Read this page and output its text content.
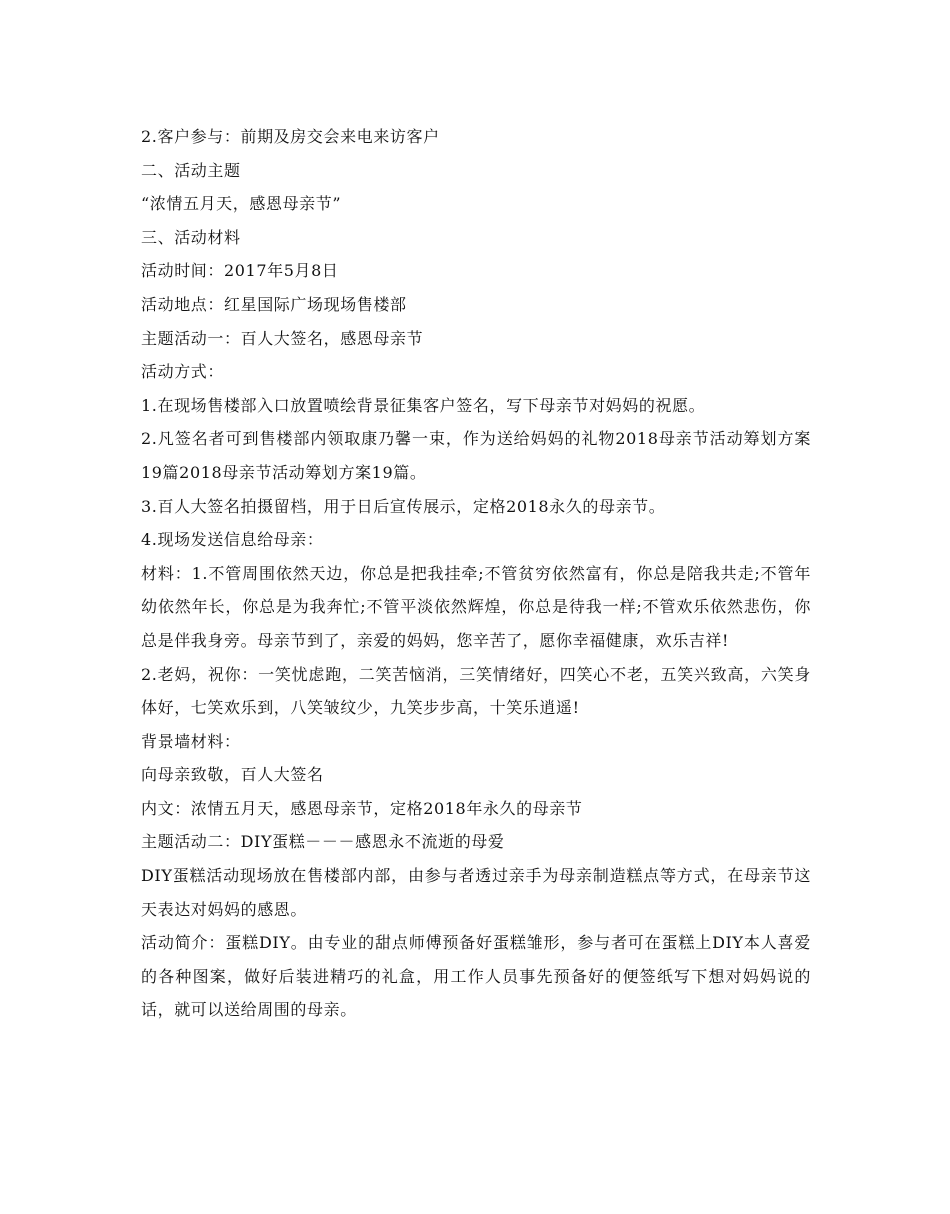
2.客户参与：前期及房交会来电来访客户

二、活动主题

“浓情五月天，感恩母亲节”

三、活动材料

活动时间：2017年5月8日

活动地点：红星国际广场现场售楼部

主题活动一：百人大签名，感恩母亲节

活动方式：

1.在现场售楼部入口放置喷绘背景征集客户签名，写下母亲节对妈妈的祝愿。

2.凡签名者可到售楼部内领取康乃馨一束，作为送给妈妈的礼物2018母亲节活动筹划方案19篇2018母亲节活动筹划方案19篇。

3.百人大签名拍摄留档，用于日后宣传展示，定格2018永久的母亲节。

4.现场发送信息给母亲：

材料：1.不管周围依然天边，你总是把我挂牵;不管贫穷依然富有，你总是陪我共走;不管年幼依然年长，你总是为我奔忙;不管平淡依然辉煌，你总是待我一样;不管欢乐依然悲伤，你总是伴我身旁。母亲节到了，亲爱的妈妈，您辛苦了，愿你幸福健康，欢乐吉祥!

2.老妈，祝你：一笑忧虑跑，二笑苦恼消，三笑情绪好，四笑心不老，五笑兴致高，六笑身体好，七笑欢乐到，八笑皱纹少，九笑步步高，十笑乐逍遥!

背景墙材料：

向母亲致敬，百人大签名

内文：浓情五月天，感恩母亲节，定格2018年永久的母亲节

主题活动二：DIY蛋糕－－－感恩永不流逝的母爱

DIY蛋糕活动现场放在售楼部内部，由参与者透过亲手为母亲制造糕点等方式，在母亲节这天表达对妈妈的感恩。

活动简介：蛋糕DIY。由专业的甜点师傅预备好蛋糕雏形，参与者可在蛋糕上DIY本人喜爱的各种图案，做好后装进精巧的礼盒，用工作人员事先预备好的便签纸写下想对妈妈说的话，就可以送给周围的母亲。
